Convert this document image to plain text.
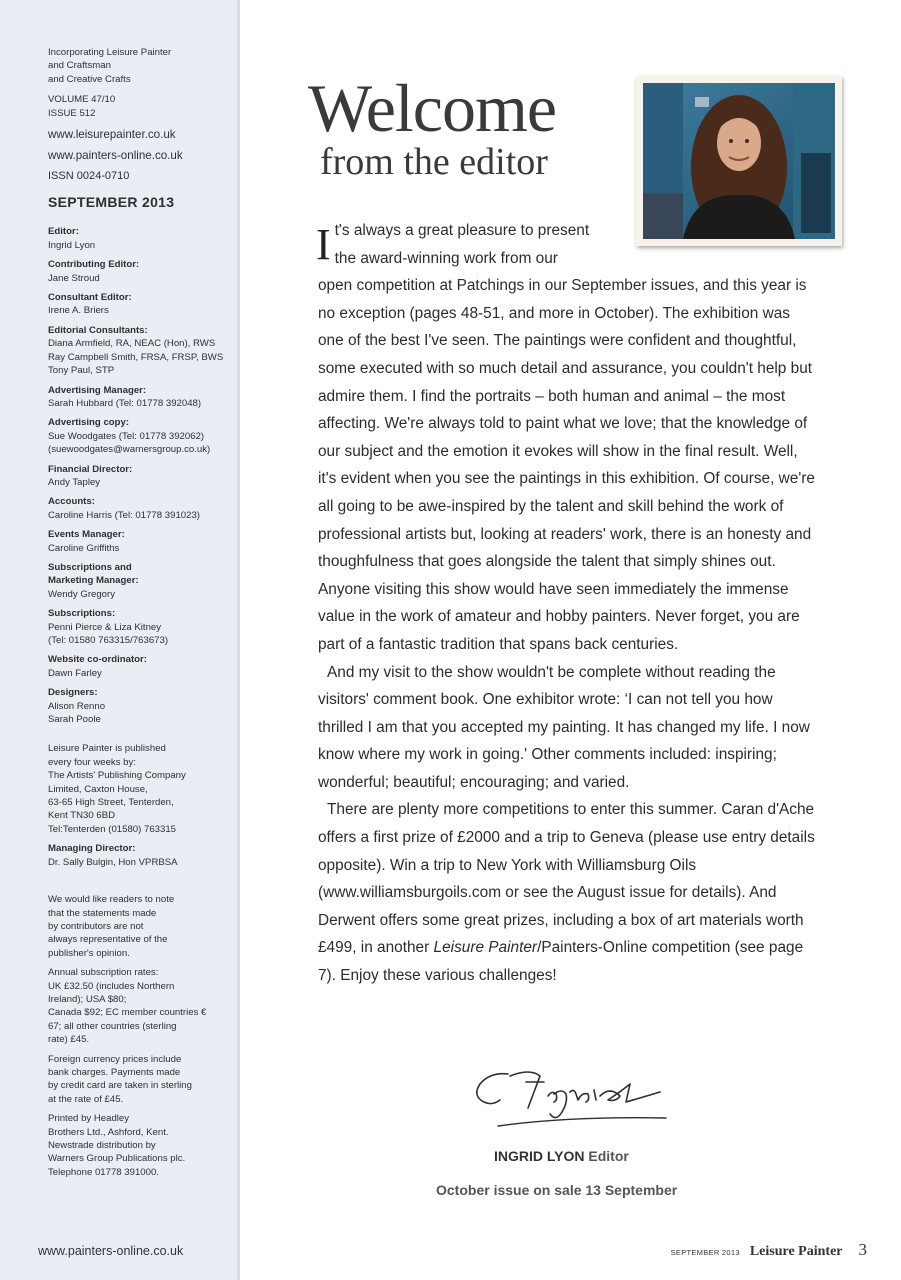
Incorporating Leisure Painter
and Craftsman
and Creative Crafts
VOLUME 47/10
ISSUE 512
www.leisurepainter.co.uk
www.painters-online.co.uk
ISSN 0024-0710
SEPTEMBER 2013
Editor:
Ingrid Lyon
Contributing Editor:
Jane Stroud
Consultant Editor:
Irene A. Briers
Editorial Consultants:
Diana Armfield, RA, NEAC (Hon), RWS
Ray Campbell Smith, FRSA, FRSP, BWS
Tony Paul, STP
Advertising Manager:
Sarah Hubbard (Tel: 01778 392048)
Advertising copy:
Sue Woodgates (Tel: 01778 392062)
(suewoodgates@warnersgroup.co.uk)
Financial Director:
Andy Tapley
Accounts:
Caroline Harris (Tel: 01778 391023)
Events Manager:
Caroline Griffiths
Subscriptions and
Marketing Manager:
Wendy Gregory
Subscriptions:
Penni Pierce & Liza Kitney
(Tel: 01580 763315/763673)
Website co-ordinator:
Dawn Farley
Designers:
Alison Renno
Sarah Poole
Leisure Painter is published
every four weeks by:
The Artists' Publishing Company
Limited, Caxton House,
63-65 High Street, Tenterden,
Kent TN30 6BD
Tel:Tenterden (01580) 763315
Managing Director:
Dr. Sally Bulgin, Hon VPRBSA
We would like readers to note
that the statements made
by contributors are not
always representative of the
publisher's opinion.
Annual subscription rates:
UK £32.50 (includes Northern
Ireland); USA $80;
Canada $92; EC member countries €
67; all other countries (sterling
rate) £45.
Foreign currency prices include
bank charges. Payments made
by credit card are taken in sterling
at the rate of £45.
Printed by Headley
Brothers Ltd., Ashford, Kent.
Newstrade distribution by
Warners Group Publications plc.
Telephone 01778 391000.
www.painters-online.co.uk
Welcome
from the editor

I t's always a great pleasure to present
the award-winning work from our
open competition at Patchings in our September issues, and this year is no exception (pages 48-51, and more in October). The exhibition was one of the best I've seen. The paintings were confident and thoughtful, some executed with so much detail and assurance, you couldn't help but admire them. I find the portraits – both human and animal – the most affecting. We're always told to paint what we love; that the knowledge of our subject and the emotion it evokes will show in the final result. Well, it's evident when you see the paintings in this exhibition. Of course, we're all going to be awe-inspired by the talent and skill behind the work of professional artists but, looking at readers' work, there is an honesty and thoughfulness that goes alongside the talent that simply shines out. Anyone visiting this show would have seen immediately the immense value in the work of amateur and hobby painters. Never forget, you are part of a fantastic tradition that spans back centuries.

And my visit to the show wouldn't be complete without reading the visitors' comment book. One exhibitor wrote: ‘I can not tell you how thrilled I am that you accepted my painting. It has changed my life. I now know where my work in going.' Other comments included: inspiring; wonderful; beautiful; encouraging; and varied.

There are plenty more competitions to enter this summer. Caran d'Ache offers a first prize of £2000 and a trip to Geneva (please use entry details opposite). Win a trip to New York with Williamsburg Oils (www.williamsburgoils.com or see the August issue for details). And Derwent offers some great prizes, including a box of art materials worth £499, in another Leisure Painter/Painters-Online competition (see page 7). Enjoy these various challenges!

INGRID LYON Editor
October issue on sale 13 September
SEPTEMBER 2013 Leisure Painter 3
